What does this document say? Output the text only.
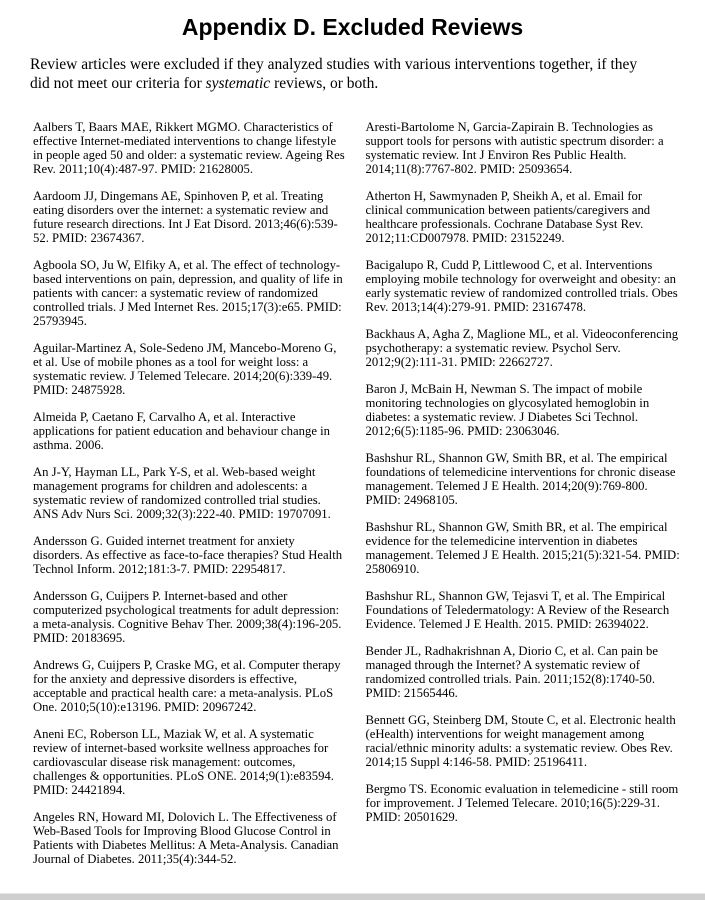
Appendix D. Excluded Reviews

Review articles were excluded if they analyzed studies with various interventions together, if they did not meet our criteria for systematic reviews, or both.

Aalbers T, Baars MAE, Rikkert MGMO. Characteristics of effective Internet-mediated interventions to change lifestyle in people aged 50 and older: a systematic review. Ageing Res Rev. 2011;10(4):487-97. PMID: 21628005.

Aardoom JJ, Dingemans AE, Spinhoven P, et al. Treating eating disorders over the internet: a systematic review and future research directions. Int J Eat Disord. 2013;46(6):539-52. PMID: 23674367.

Agboola SO, Ju W, Elfiky A, et al. The effect of technology-based interventions on pain, depression, and quality of life in patients with cancer: a systematic review of randomized controlled trials. J Med Internet Res. 2015;17(3):e65. PMID: 25793945.

Aguilar-Martinez A, Sole-Sedeno JM, Mancebo-Moreno G, et al. Use of mobile phones as a tool for weight loss: a systematic review. J Telemed Telecare. 2014;20(6):339-49. PMID: 24875928.

Almeida P, Caetano F, Carvalho A, et al. Interactive applications for patient education and behaviour change in asthma. 2006.

An J-Y, Hayman LL, Park Y-S, et al. Web-based weight management programs for children and adolescents: a systematic review of randomized controlled trial studies. ANS Adv Nurs Sci. 2009;32(3):222-40. PMID: 19707091.

Andersson G. Guided internet treatment for anxiety disorders. As effective as face-to-face therapies? Stud Health Technol Inform. 2012;181:3-7. PMID: 22954817.

Andersson G, Cuijpers P. Internet-based and other computerized psychological treatments for adult depression: a meta-analysis. Cognitive Behav Ther. 2009;38(4):196-205. PMID: 20183695.

Andrews G, Cuijpers P, Craske MG, et al. Computer therapy for the anxiety and depressive disorders is effective, acceptable and practical health care: a meta-analysis. PLoS One. 2010;5(10):e13196. PMID: 20967242.

Aneni EC, Roberson LL, Maziak W, et al. A systematic review of internet-based worksite wellness approaches for cardiovascular disease risk management: outcomes, challenges & opportunities. PLoS ONE. 2014;9(1):e83594. PMID: 24421894.

Angeles RN, Howard MI, Dolovich L. The Effectiveness of Web-Based Tools for Improving Blood Glucose Control in Patients with Diabetes Mellitus: A Meta-Analysis. Canadian Journal of Diabetes. 2011;35(4):344-52.

Aresti-Bartolome N, Garcia-Zapirain B. Technologies as support tools for persons with autistic spectrum disorder: a systematic review. Int J Environ Res Public Health. 2014;11(8):7767-802. PMID: 25093654.

Atherton H, Sawmynaden P, Sheikh A, et al. Email for clinical communication between patients/caregivers and healthcare professionals. Cochrane Database Syst Rev. 2012;11:CD007978. PMID: 23152249.

Bacigalupo R, Cudd P, Littlewood C, et al. Interventions employing mobile technology for overweight and obesity: an early systematic review of randomized controlled trials. Obes Rev. 2013;14(4):279-91. PMID: 23167478.

Backhaus A, Agha Z, Maglione ML, et al. Videoconferencing psychotherapy: a systematic review. Psychol Serv. 2012;9(2):111-31. PMID: 22662727.

Baron J, McBain H, Newman S. The impact of mobile monitoring technologies on glycosylated hemoglobin in diabetes: a systematic review. J Diabetes Sci Technol. 2012;6(5):1185-96. PMID: 23063046.

Bashshur RL, Shannon GW, Smith BR, et al. The empirical foundations of telemedicine interventions for chronic disease management. Telemed J E Health. 2014;20(9):769-800. PMID: 24968105.

Bashshur RL, Shannon GW, Smith BR, et al. The empirical evidence for the telemedicine intervention in diabetes management. Telemed J E Health. 2015;21(5):321-54. PMID: 25806910.

Bashshur RL, Shannon GW, Tejasvi T, et al. The Empirical Foundations of Teledermatology: A Review of the Research Evidence. Telemed J E Health. 2015. PMID: 26394022.

Bender JL, Radhakrishnan A, Diorio C, et al. Can pain be managed through the Internet? A systematic review of randomized controlled trials. Pain. 2011;152(8):1740-50. PMID: 21565446.

Bennett GG, Steinberg DM, Stoute C, et al. Electronic health (eHealth) interventions for weight management among racial/ethnic minority adults: a systematic review. Obes Rev. 2014;15 Suppl 4:146-58. PMID: 25196411.

Bergmo TS. Economic evaluation in telemedicine - still room for improvement. J Telemed Telecare. 2010;16(5):229-31. PMID: 20501629.
